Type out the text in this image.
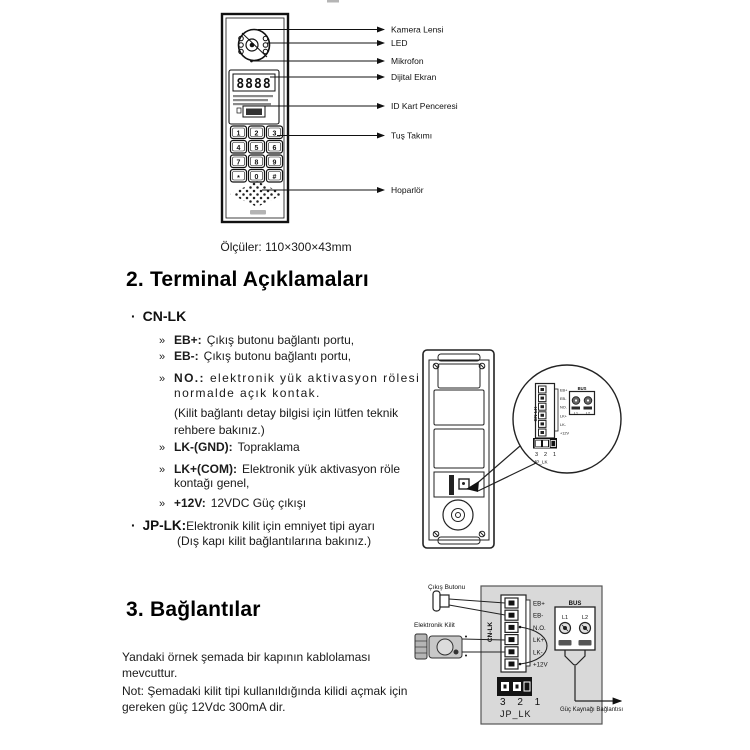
8888
1 2 3
4 5 6
7 8 9
* 0 #
Kamera Lensi
LED
Mikrofon
Dijital Ekran
ID Kart Penceresi
Tuş Takımı
Hoparlör
EB+
EB-
NO.
LK+
LK-
+12V
CN-LK
3 2 1
JP_LK
BUS
L1 L2
EB+
EB-
N.O.
LK+
LK-
+12V
CN-LK
3 2 1
JP_LK
BUS
L1	L2
Güç Kaynağı Bağlantısı
Çıkış Butonu
Elektronik Kilit
Ölçüler: 110×300×43mm
2. Terminal Açıklamaları
· CN-LK
» EB+: Çıkış butonu bağlantı portu,
» EB-: Çıkış butonu bağlantı portu,
» NO.: elektronik yük aktivasyon rölesi
normalde açık kontak.
(Kilit bağlantı detay bilgisi için lütfen teknik
rehbere bakınız.)
» LK-(GND): Topraklama
» LK+(COM): Elektronik yük aktivasyon röle
kontağı genel,
» +12V: 12VDC Güç çıkışı
· JP-LK:Elektronik kilit için emniyet tipi ayarı
(Dış kapı kilit bağlantılarına bakınız.)
3. Bağlantılar
Yandaki örnek şemada bir kapının kablolaması
mevcuttur.
Not: Şemadaki kilit tipi kullanıldığında kilidi açmak için
gereken güç 12Vdc 300mA dir.
